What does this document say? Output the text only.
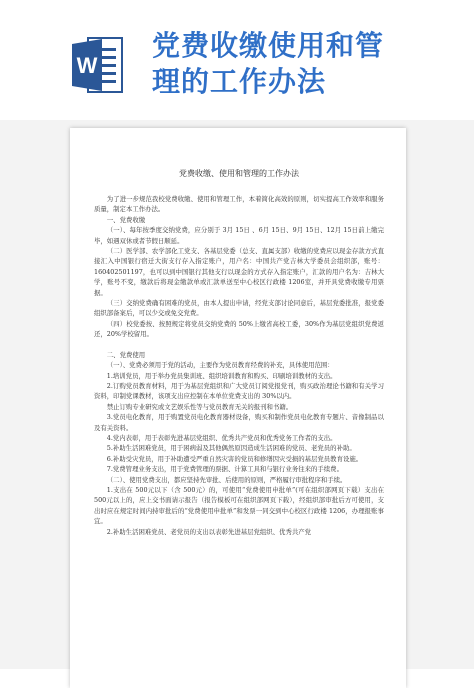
W
党费收缴使用和管
理的工作办法
党费收缴、使用和管理的工作办法

为了进一步规范我校党费收缴、使用和管理工作，本着简化高效的原则，切实提高工作效率和服务质量，制定本工作办法。

一、党费收缴

（一）、每年按季度交纳党费，应分别于 3月 15日 、6月 15日、9月 15日、12月 15日前上缴完毕，如遇双休或者节假日顺延。

（二）医学部、农学部化工党支、各基层党委（总支、直属支部）收缴的党费应以现金存款方式直接汇入中国银行宿迁大街支行存入指定账户，用户名：中国共产党吉林大学委员会组织部，账号：160402501197，也可以到中国银行其他支行以现金的方式存入指定账户，汇款的用户名为：吉林大学，账号不变，缴款后将现金缴款单或汇款单送至中心校区行政楼 1206室，并开具党费收缴专用票据。

（三）交纳党费确有困难的党员，由本人提出申请，经党支部讨论同意后，基层党委批准，报党委组织部备案后，可以少交或免交党费。

（四）校党委按、按照规定将党员交纳党费的 50%上缴省高校工委，30%作为基层党组织党费返还，20%学校留用。

二、党费使用

（一）、党费必须用于党的活动，主要作为党员教育经费的补充，具体使用范围：

1.培训党员，用于举办党员集训班、组织培训教育和购买、印刷培训教材的支出。

2.订购党员教育材料，用于为基层党组织和广大党员订阅党报党刊，购买政治理论书籍和有关学习资料，印制党课教材，该项支出应控制在本单位党费支出的 30%以内。

禁止订购专业研究或文艺娱乐性等与党员教育无关的报刊和书籍。

3.党员电化教育，用于购置党员电化教育器材设备，购买和制作党员电化教育专题片、音像制品以及有关资料。

4.党内表彰，用于表彰先进基层党组织、优秀共产党员和优秀党务工作者的支出。

5.补助生活困难党员，用于困病弱及其他偶然原因造成生活困难的党员、老党员的补助。

6.补助受灾党员，用于补助遭受严重自然灾害的党员和修缮因灾受损的基层党员教育设施。

7.党费管理业务支出，用于党费管理的票据、计算工具和与银行业务往来的手续费。

（二）、使用党费支出，都应坚持先审批、后使用的原则，严格履行审批程序和手续。

1.支出在 500元以下（含 500元）的，可使用“党费使用申批单”(可在组织部网页下载）支出在 500元以上的，应上交书面请示报告（报告模板可在组织部网页下载），经组织部审批后方可使用，支出时应在规定时间内持审批后的“党费使用申批单”和发票一同交到中心校区行政楼 1206，办理报账事宜。

2.补助生活困难党员、老党员的支出以表彰先进基层党组织、优秀共产党
